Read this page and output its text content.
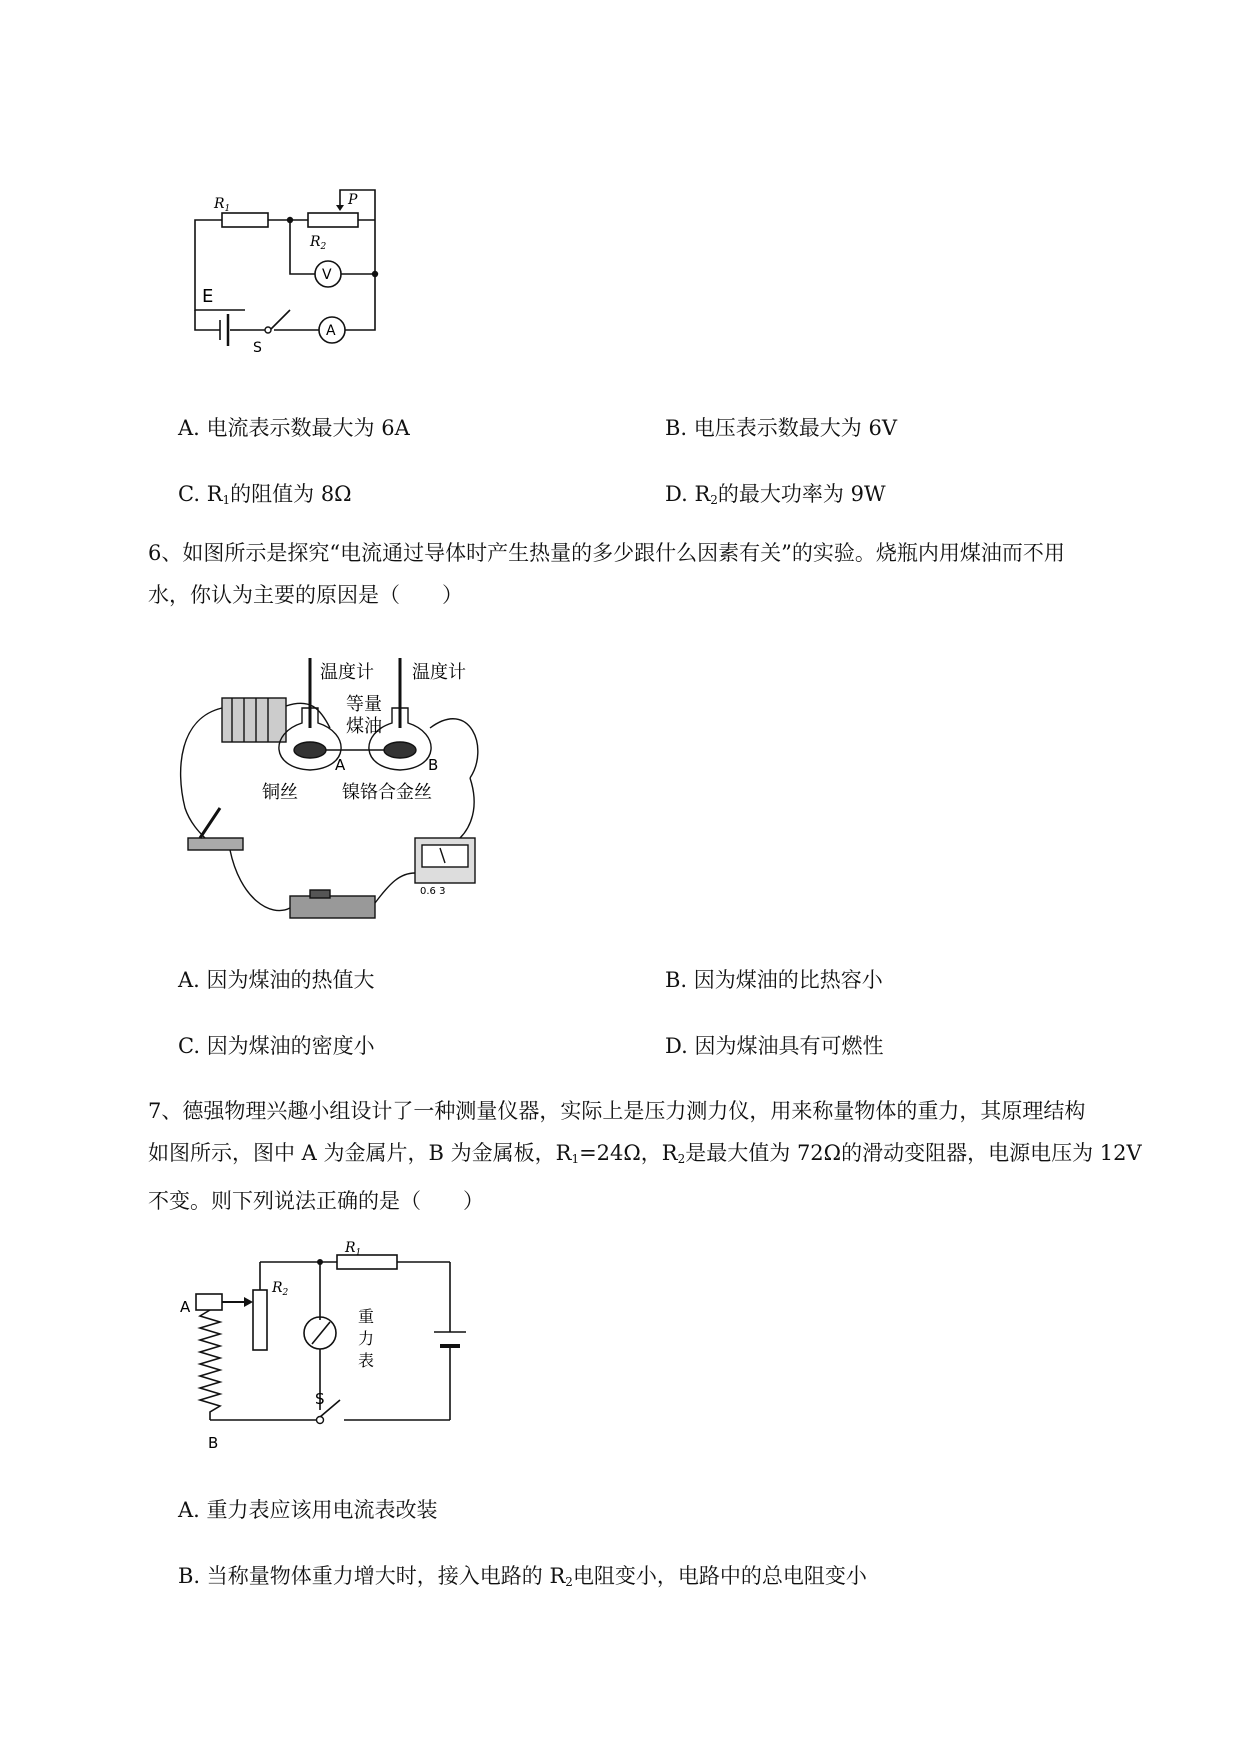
$R_1$
$R_2$
P
V
A
E
S
A. 电流表示数最大为 6A	B. 电压表示数最大为 6V
C. $R_1$的阻值为 8Ω	D. $R_2$的最大功率为 9W
6、如图所示是探究“电流通过导体时产生热量的多少跟什么因素有关”的实验。烧瓶内用煤油而不用
水，你认为主要的原因是（　　）
温度计 温度计
等量
煤油
A	B
铜丝 镍铬合金丝
0.6 3
A. 因为煤油的热值大	B. 因为煤油的比热容小
C. 因为煤油的密度小	D. 因为煤油具有可燃性
7、德强物理兴趣小组设计了一种测量仪器，实际上是压力测力仪，用来称量物体的重力，其原理结构
如图所示，图中 A 为金属片，B 为金属板，$R_1=24\Omega$，$R_2$是最大值为 72Ω的滑动变阻器，电源电压为 12V
不变。则下列说法正确的是（　　）
$R_1$
$R_2$
重
力
表
A
B
S
A. 重力表应该用电流表改装
B. 当称量物体重力增大时，接入电路的 $R_2$电阻变小，电路中的总电阻变小
